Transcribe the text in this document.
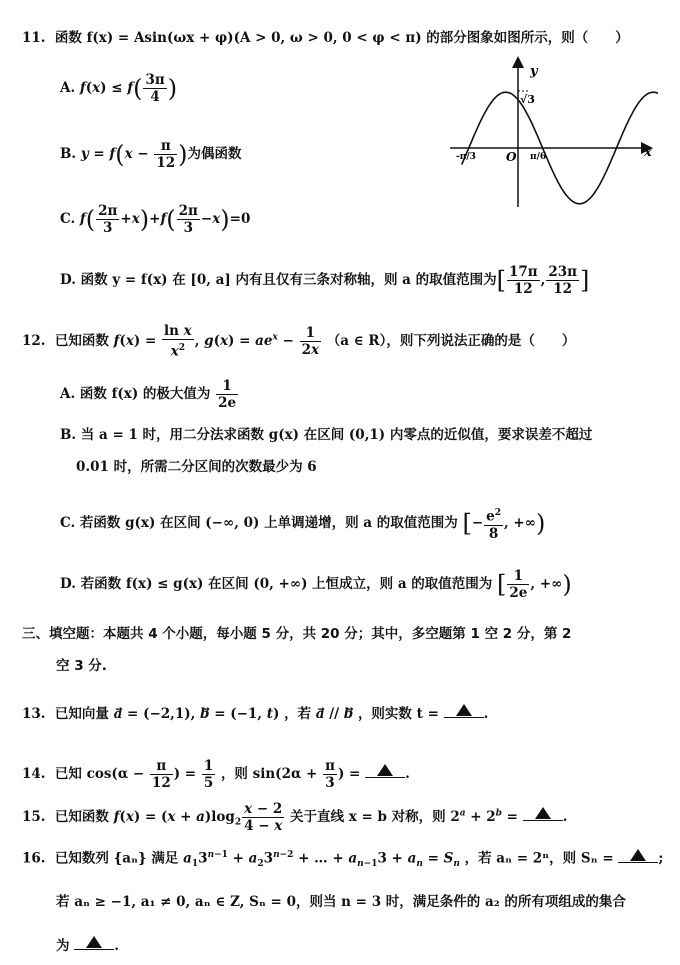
11. 函数 f(x) = Asin(ωx + φ)(A > 0, ω > 0, 0 < φ < π) 的部分图象如图所示，则（　　）
A. $f(x) \le f( \frac{3\pi}{4}$ )
B. $y = f(x - \frac{\pi}{12}$ )为偶函数
C. $f( \frac{2\pi}{3} +x)+f( \frac{2\pi}{3} -x)=0$
D. 函数 y = f(x) 在 [0, a] 内有且仅有三条对称轴，则 a 的取值范围为[ $\frac{17\pi}{12}$ , $\frac{23\pi}{12}$ ]
y
x
O
√3
-π/3	π/6
12. 已知函数 $f(x) = \frac{\text{ln x}}{x^2}$ , $g(x) = ae^x - \frac{1}{2x} (a$ ∈ R），则下列说法正确的是（　　）
A. 函数 f(x) 的极大值为 $\frac{1}{2e}$
B. 当 a = 1 时，用二分法求函数 g(x) 在区间 (0,1) 内零点的近似值，要求误差不超过
0.01 时，所需二分区间的次数最少为 6
C. 若函数 g(x) 在区间 (−∞, 0) 上单调递增，则 a 的取值范围为 [− $\frac{e^2}{8}$ , +∞)
D. 若函数 f(x) ≤ g(x) 在区间 (0, +∞) 上恒成立，则 a 的取值范围为 [ $\frac{1}{2e}$ , +∞)
三、填空题：本题共 4 个小题，每小题 5 分，共 20 分；其中，多空题第 1 空 2 分，第 2
空 3 分.
13. 已知向量 a⃗ = (−2,1), b⃗ = (−1, t) ，若 a⃗ // b⃗ ，则实数 t =	.
14. 已知 $\cos(\alpha - \frac{\pi}{12}$ ) = $\frac{1}{5}$ ，则 $\sin(2\alpha + \frac{\pi}{3}$ ) =	.
15. 已知函数 $f(x) = (x + a)\log_2 \frac{x - 2}{4 - x}$ 关于直线 x = b 对称，则 $2^a + 2^b$ =	.
16. 已知数列 {aₙ} 满足 $a_13^{n-1} + a_23^{n-2}$ + … + $a_{n-1}3 + a_n = S_n$ ，若 aₙ = 2ⁿ，则 Sₙ =	;
若 aₙ ≥ −1, a₁ ≠ 0, aₙ ∈ Z, Sₙ = 0，则当 n = 3 时，满足条件的 a₂ 的所有项组成的集合
为	.
